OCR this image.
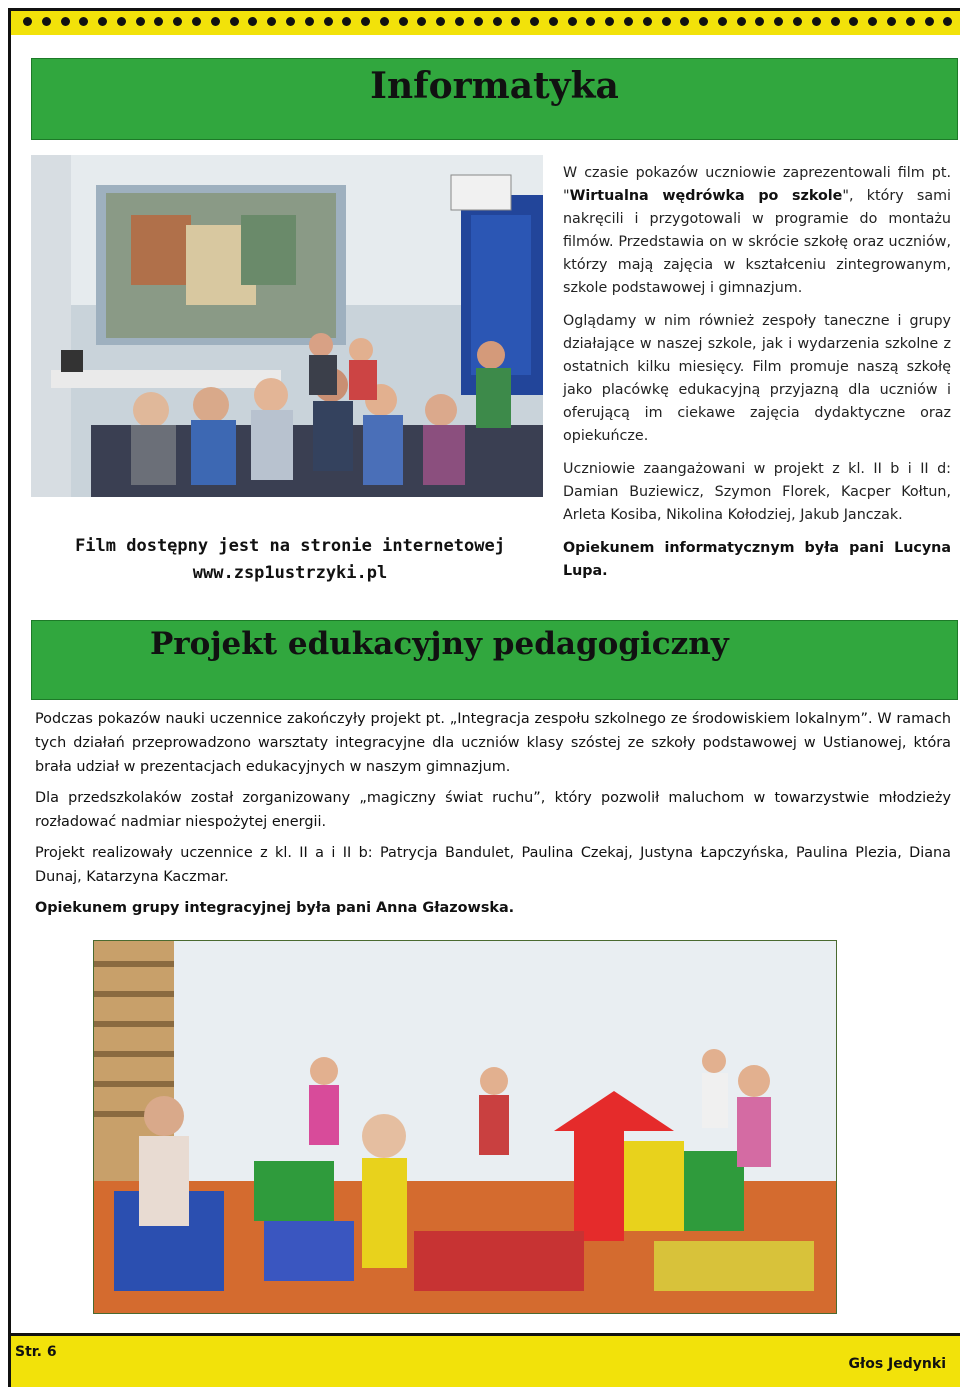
Informatyka
Film dostępny jest na stronie internetowej
www.zsp1ustrzyki.pl

W czasie pokazów uczniowie zaprezentowali film pt. "Wirtualna wędrówka po szkole", który sami nakręcili i przygotowali w programie do montażu filmów. Przedstawia on w skrócie szkołę oraz uczniów, którzy mają zajęcia w kształceniu zintegrowanym, szkole podstawowej i gimnazjum.

Oglądamy w nim również zespoły taneczne i grupy działające w naszej szkole, jak i wydarzenia szkolne z ostatnich kilku miesięcy. Film promuje naszą szkołę jako placówkę edukacyjną przyjazną dla uczniów i oferującą im ciekawe zajęcia dydaktyczne oraz opiekuńcze.

Uczniowie zaangażowani w projekt z kl. II b i II d: Damian Buziewicz, Szymon Florek, Kacper Kołtun, Arleta Kosiba, Nikolina Kołodziej, Jakub Janczak.

Opiekunem informatycznym była pani Lucyna Lupa.

Projekt edukacyjny pedagogiczny

Podczas pokazów nauki uczennice zakończyły projekt pt. „Integracja zespołu szkolnego ze środowiskiem lokalnym”. W ramach tych działań przeprowadzono warsztaty integracyjne dla uczniów klasy szóstej ze szkoły podstawowej w Ustianowej, która brała udział w prezentacjach edukacyjnych w naszym gimnazjum.

Dla przedszkolaków został zorganizowany „magiczny świat ruchu”, który pozwolił maluchom w towarzystwie młodzieży rozładować nadmiar niespożytej energii.

Projekt realizowały uczennice z kl. II a i II b: Patrycja Bandulet, Paulina Czekaj, Justyna Łapczyńska, Paulina Plezia, Diana Dunaj, Katarzyna Kaczmar.

Opiekunem grupy integracyjnej była pani Anna Głazowska.

Str. 6
Głos Jedynki
